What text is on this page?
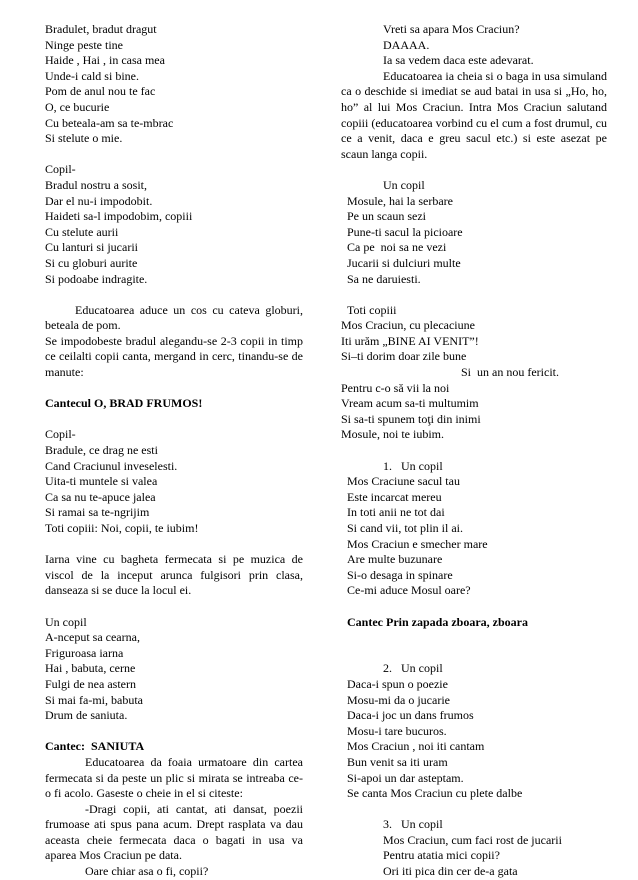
Bradulet, bradut dragut
Ninge peste tine
Haide , Hai , in casa mea
Unde-i cald si bine.
Pom de anul nou te fac
O, ce bucurie
Cu beteala-am sa te-mbrac
Si stelute o mie.
Copil-
Bradul nostru a sosit,
Dar el nu-i impodobit.
Haideti sa-l impodobim, copiii
Cu stelute aurii
Cu lanturi si jucarii
Si cu globuri aurite
Si podoabe indragite.
Educatoarea aduce un cos cu cateva globuri, beteala de pom.
Se impodobeste bradul alegandu-se 2-3 copii in timp ce ceilalti copii canta, mergand in cerc, tinandu-se de manute:
Cantecul O, BRAD FRUMOS!
Copil-
Bradule, ce drag ne esti
Cand Craciunul inveselesti.
Uita-ti muntele si valea
Ca sa nu te-apuce jalea
Si ramai sa te-ngrijim
Toti copiii: Noi, copii, te iubim!
Iarna vine cu bagheta fermecata si pe muzica de viscol de la inceput arunca fulgisori prin clasa, danseaza si se duce la locul ei.
Un copil
A-nceput sa cearna,
Friguroasa iarna
Hai , babuta, cerne
Fulgi de nea astern
Si mai fa-mi, babuta
Drum de saniuta.
Cantec:  SANIUTA
Educatoarea da foaia urmatoare din cartea fermecata si da peste un plic si mirata se intreaba ce-o fi acolo. Gaseste o cheie in el si citeste:
-Dragi copii, ati cantat, ati dansat, poezii frumoase ati spus pana acum. Drept rasplata va dau aceasta cheie fermecata daca o bagati in usa va aparea Mos Craciun pe data.
Oare chiar asa o fi, copii?
Vreti sa apara Mos Craciun?
DAAAA.
Ia sa vedem daca este adevarat.
Educatoarea ia cheia si o baga in usa simuland ca o deschide si imediat se aud batai in usa si „Ho, ho, ho” al lui Mos Craciun. Intra Mos Craciun salutand copiii (educatoarea vorbind cu el cum a fost drumul, cu ce a venit, daca e greu sacul etc.) si este asezat pe scaun langa copii.
Un copil
Mosule, hai la serbare
Pe un scaun sezi
Pune-ti sacul la picioare
Ca pe  noi sa ne vezi
Jucarii si dulciuri multe
Sa ne daruiesti.
Toti copiii
Mos Craciun, cu plecaciune
Iti urăm „BINE AI VENIT”!
Si–ti dorim doar zile bune
Si  un an nou fericit.
Pentru c-o să vii la noi
Vream acum sa-ti multumim
Si sa-ti spunem toţi din inimi
Mosule, noi te iubim.
1.   Un copil
Mos Craciune sacul tau
Este incarcat mereu
In toti anii ne tot dai
Si cand vii, tot plin il ai.
Mos Craciun e smecher mare
Are multe buzunare
Si-o desaga in spinare
Ce-mi aduce Mosul oare?
Cantec Prin zapada zboara, zboara
2.   Un copil
Daca-i spun o poezie
Mosu-mi da o jucarie
Daca-i joc un dans frumos
Mosu-i tare bucuros.
Mos Craciun , noi iti cantam
Bun venit sa iti uram
Si-apoi un dar asteptam.
Se canta Mos Craciun cu plete dalbe
3.   Un copil
Mos Craciun, cum faci rost de jucarii
Pentru atatia mici copii?
Ori iti pica din cer de-a gata
